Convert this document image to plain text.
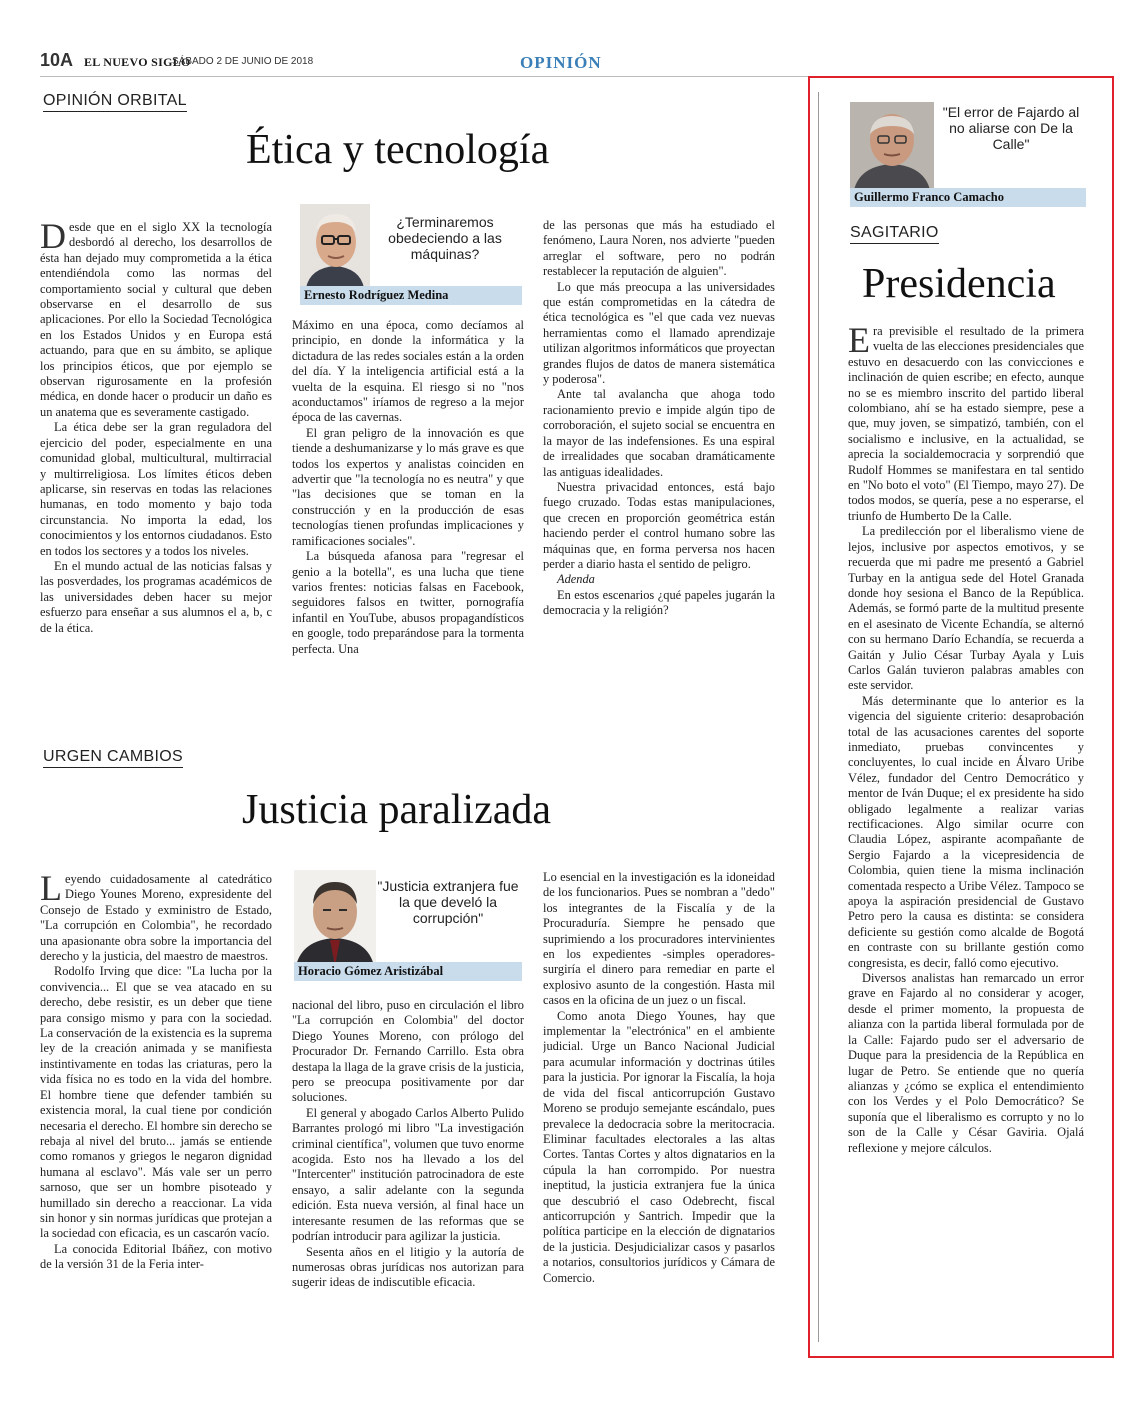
10A EL NUEVO SIGLO
SÁBADO 2 DE JUNIO DE 2018	OPINIÓN
OPINIÓN ORBITAL
Ética y tecnología

Desde que en el siglo XX la tecnología desbordó al derecho, los desarrollos de ésta han dejado muy comprometida a la ética entendiéndola como las normas del comportamiento social y cultural que deben observarse en el desarrollo de sus aplicaciones. Por ello la Sociedad Tecnológica en los Estados Unidos y en Europa está actuando, para que en su ámbito, se aplique los principios éticos, que por ejemplo se observan rigurosamente en la profesión médica, en donde hacer o producir un daño es un anatema que es severamente castigado.

La ética debe ser la gran reguladora del ejercicio del poder, especialmente en una comunidad global, multicultural, multirracial y multirreligiosa. Los límites éticos deben aplicarse, sin reservas en todas las relaciones humanas, en todo momento y bajo toda circunstancia. No importa la edad, los conocimientos y los entornos ciudadanos. Esto en todos los sectores y a todos los niveles.

En el mundo actual de las noticias falsas y las posverdades, los programas académicos de las universidades deben hacer su mejor esfuerzo para enseñar a sus alumnos el a, b, c de la ética.

¿Terminaremos obedeciendo a las máquinas?
Ernesto Rodríguez Medina

Máximo en una época, como decíamos al principio, en donde la informática y la dictadura de las redes sociales están a la orden del día. Y la inteligencia artificial está a la vuelta de la esquina. El riesgo si no "nos aconductamos" iríamos de regreso a la mejor época de las cavernas.

El gran peligro de la innovación es que tiende a deshumanizarse y lo más grave es que todos los expertos y analistas coinciden en advertir que "la tecnología no es neutra" y que "las decisiones que se toman en la construcción y en la producción de esas tecnologías tienen profundas implicaciones y ramificaciones sociales".

La búsqueda afanosa para "regresar el genio a la botella", es una lucha que tiene varios frentes: noticias falsas en Facebook, seguidores falsos en twitter, pornografía infantil en YouTube, abusos propagandísticos en google, todo preparándose para la tormenta perfecta. Una

de las personas que más ha estudiado el fenómeno, Laura Noren, nos advierte "pueden arreglar el software, pero no podrán restablecer la reputación de alguien".

Lo que más preocupa a las universidades que están comprometidas en la cátedra de ética tecnológica es "el que cada vez nuevas herramientas como el llamado aprendizaje utilizan algoritmos informáticos que proyectan grandes flujos de datos de manera sistemática y poderosa".

Ante tal avalancha que ahoga todo racionamiento previo e impide algún tipo de corroboración, el sujeto social se encuentra en la mayor de las indefensiones. Es una espiral de irrealidades que socaban dramáticamente las antiguas idealidades.

Nuestra privacidad entonces, está bajo fuego cruzado. Todas estas manipulaciones, que crecen en proporción geométrica están haciendo perder el control humano sobre las máquinas que, en forma perversa nos hacen perder a diario hasta el sentido de peligro.

Adenda

En estos escenarios ¿qué papeles jugarán la democracia y la religión?

URGEN CAMBIOS
Justicia paralizada

Leyendo cuidadosamente al catedrático Diego Younes Moreno, expresidente del Consejo de Estado y exministro de Estado, "La corrupción en Colombia", he recordado una apasionante obra sobre la importancia del derecho y la justicia, del maestro de maestros.

Rodolfo Irving que dice: "La lucha por la convivencia... El que se vea atacado en su derecho, debe resistir, es un deber que tiene para consigo mismo y para con la sociedad. La conservación de la existencia es la suprema ley de la creación animada y se manifiesta instintivamente en todas las criaturas, pero la vida física no es todo en la vida del hombre. El hombre tiene que defender también su existencia moral, la cual tiene por condición necesaria el derecho. El hombre sin derecho se rebaja al nivel del bruto... jamás se entiende como romanos y griegos le negaron dignidad humana al esclavo". Más vale ser un perro sarnoso, que ser un hombre pisoteado y humillado sin derecho a reaccionar. La vida sin honor y sin normas jurídicas que protejan a la sociedad con eficacia, es un cascarón vacío.

La conocida Editorial Ibáñez, con motivo de la versión 31 de la Feria inter-

"Justicia extranjera fue la que develó la corrupción"
Horacio Gómez Aristizábal

nacional del libro, puso en circulación el libro "La corrupción en Colombia" del doctor Diego Younes Moreno, con prólogo del Procurador Dr. Fernando Carrillo. Esta obra destapa la llaga de la grave crisis de la justicia, pero se preocupa positivamente por dar soluciones.

El general y abogado Carlos Alberto Pulido Barrantes prologó mi libro "La investigación criminal científica", volumen que tuvo enorme acogida. Esto nos ha llevado a los del "Intercenter" institución patrocinadora de este ensayo, a salir adelante con la segunda edición. Esta nueva versión, al final hace un interesante resumen de las reformas que se podrían introducir para agilizar la justicia.

Sesenta años en el litigio y la autoría de numerosas obras jurídicas nos autorizan para sugerir ideas de indiscutible eficacia.

Lo esencial en la investigación es la idoneidad de los funcionarios. Pues se nombran a "dedo" los integrantes de la Fiscalía y de la Procuraduría. Siempre he pensado que suprimiendo a los procuradores intervinientes en los expedientes -simples operadores- surgiría el dinero para remediar en parte el explosivo asunto de la congestión. Hasta mil casos en la oficina de un juez o un fiscal.

Como anota Diego Younes, hay que implementar la "electrónica" en el ambiente judicial. Urge un Banco Nacional Judicial para acumular información y doctrinas útiles para la justicia. Por ignorar la Fiscalía, la hoja de vida del fiscal anticorrupción Gustavo Moreno se produjo semejante escándalo, pues prevalece la dedocracia sobre la meritocracia. Eliminar facultades electorales a las altas Cortes. Tantas Cortes y altos dignatarios en la cúpula la han corrompido. Por nuestra ineptitud, la justicia extranjera fue la única que descubrió el caso Odebrecht, fiscal anticorrupción y Santrich. Impedir que la política participe en la elección de dignatarios de la justicia. Desjudicializar casos y pasarlos a notarios, consultorios jurídicos y Cámara de Comercio.

"El error de Fajardo al no aliarse con De la Calle"
Guillermo Franco Camacho
SAGITARIO
Presidencia

Era previsible el resultado de la primera vuelta de las elecciones presidenciales que estuvo en desacuerdo con las convicciones e inclinación de quien escribe; en efecto, aunque no se es miembro inscrito del partido liberal colombiano, ahí se ha estado siempre, pese a que, muy joven, se simpatizó, también, con el socialismo e inclusive, en la actualidad, se aprecia la socialdemocracia y sorprendió que Rudolf Hommes se manifestara en tal sentido en "No boto el voto" (El Tiempo, mayo 27). De todos modos, se quería, pese a no esperarse, el triunfo de Humberto De la Calle.

La predilección por el liberalismo viene de lejos, inclusive por aspectos emotivos, y se recuerda que mi padre me presentó a Gabriel Turbay en la antigua sede del Hotel Granada donde hoy sesiona el Banco de la República. Además, se formó parte de la multitud presente en el asesinato de Vicente Echandía, se alternó con su hermano Darío Echandía, se recuerda a Gaitán y Julio César Turbay Ayala y Luis Carlos Galán tuvieron palabras amables con este servidor.

Más determinante que lo anterior es la vigencia del siguiente criterio: desaprobación total de las acusaciones carentes del soporte inmediato, pruebas convincentes y concluyentes, lo cual incide en Álvaro Uribe Vélez, fundador del Centro Democrático y mentor de Iván Duque; el ex presidente ha sido obligado legalmente a realizar varias rectificaciones. Algo similar ocurre con Claudia López, aspirante acompañante de Sergio Fajardo a la vicepresidencia de Colombia, quien tiene la misma inclinación comentada respecto a Uribe Vélez. Tampoco se apoya la aspiración presidencial de Gustavo Petro pero la causa es distinta: se considera deficiente su gestión como alcalde de Bogotá en contraste con su brillante gestión como congresista, es decir, falló como ejecutivo.

Diversos analistas han remarcado un error grave en Fajardo al no considerar y acoger, desde el primer momento, la propuesta de alianza con la partida liberal formulada por de la Calle: Fajardo pudo ser el adversario de Duque para la presidencia de la República en lugar de Petro. Se entiende que no quería alianzas y ¿cómo se explica el entendimiento con los Verdes y el Polo Democrático? Se suponía que el liberalismo es corrupto y no lo son de la Calle y César Gaviria. Ojalá reflexione y mejore cálculos.
